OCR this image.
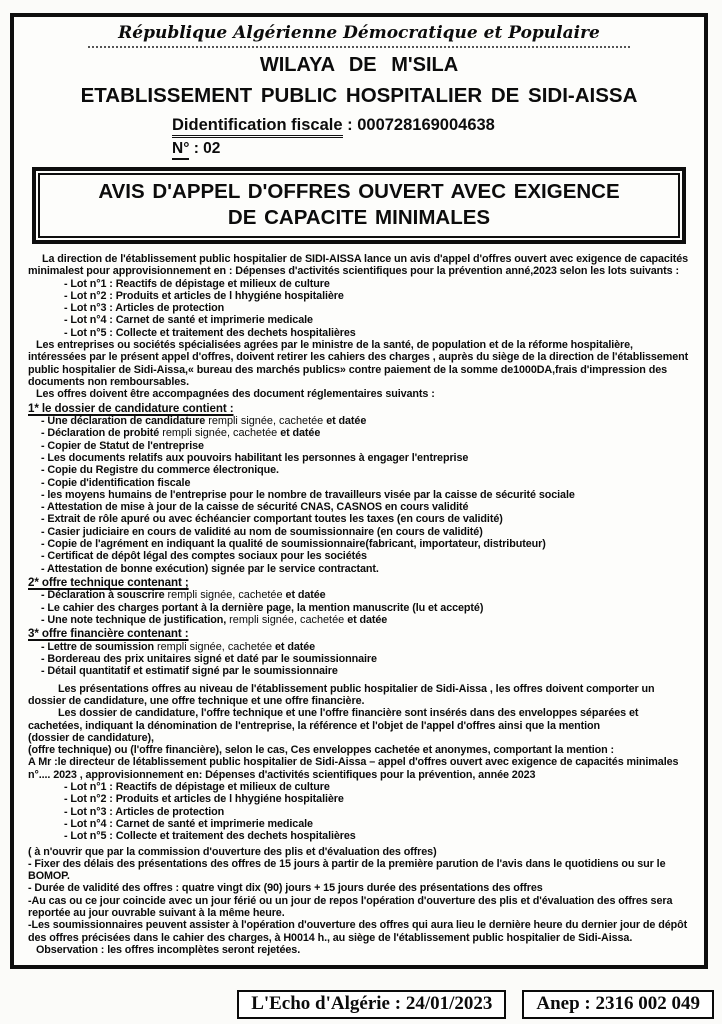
République Algérienne Démocratique et Populaire
WILAYA DE M'SILA
ETABLISSEMENT PUBLIC HOSPITALIER DE SIDI-AISSA
Didentification fiscale : 000728169004638
N° : 02
AVIS D'APPEL D'OFFRES OUVERT AVEC EXIGENCE
DE CAPACITE MINIMALES

La direction de l'établissement public hospitalier de SIDI-AISSA lance un avis d'appel d'offres ouvert avec exigence de capacités minimalest pour approvisionnement en : Dépenses d'activités scientifiques pour la prévention anné,2023 selon les lots suivants :

- Lot n°1 : Reactifs de dépistage et milieux de culture
- Lot n°2 : Produits et articles de l hhygiéne hospitalière
- Lot n°3 : Articles de protection
- Lot n°4 : Carnet de santé et imprimerie medicale
- Lot n°5 : Collecte et traitement des dechets hospitalières

Les entreprises ou sociétés spécialisées agrées par le ministre de la santé, de population et de la réforme hospitalière, intéressées par le présent appel d'offres, doivent retirer les cahiers des charges , auprès du siège de la direction de l'établissement public hospitalier de Sidi-Aissa,« bureau des marchés publics» contre paiement de la somme de1000DA,frais d'impression des documents non remboursables.

Les offres doivent être accompagnées des document réglementaires suivants :

1* le dossier de candidature contient :
- Une déclaration de candidature rempli signée, cachetée et datée
- Déclaration de probité rempli signée, cachetée et datée
- Copier de Statut de l'entreprise
- Les documents relatifs aux pouvoirs habilitant les personnes à engager l'entreprise
- Copie du Registre du commerce électronique.
- Copie d'identification fiscale
- les moyens humains de l'entreprise pour le nombre de travailleurs visée par la caisse de sécurité sociale
- Attestation de mise à jour de la caisse de sécurité CNAS, CASNOS en cours validité
- Extrait de rôle apuré ou avec échéancier comportant toutes les taxes (en cours de validité)
- Casier judiciaire en cours de validité au nom de soumissionnaire (en cours de validité)
- Copie de l'agrément en indiquant la qualité de soumissionnaire(fabricant, importateur, distributeur)
- Certificat de dépôt légal des comptes sociaux pour les sociétés
- Attestation de bonne exécution) signée par le service contractant.
2* offre technique contenant ;
- Déclaration à souscrire rempli signée, cachetée et datée
- Le cahier des charges portant à la dernière page, la mention manuscrite (lu et accepté)
- Une note technique de justification, rempli signée, cachetée et datée
3* offre financière contenant :
- Lettre de soumission rempli signée, cachetée et datée
- Bordereau des prix unitaires signé et daté par le soumissionnaire
- Détail quantitatif et estimatif signé par le soumissionnaire

Les présentations offres au niveau de l'établissement public hospitalier de Sidi-Aissa , les offres doivent comporter un dossier de candidature, une offre technique et une offre financière.

Les dossier de candidature, l'offre technique et une l'offre financière sont insérés dans des enveloppes séparées et cachetées, indiquant la dénomination de l'entreprise, la référence et l'objet de l'appel d'offres ainsi que la mention

(dossier de candidature),

(offre technique) ou (l'offre financière), selon le cas, Ces enveloppes cachetée et anonymes, comportant la mention :

A Mr :le directeur de létablissement public hospitalier de Sidi-Aissa – appel d'offres ouvert avec exigence de capacités minimales n°.... 2023 , approvisionnement en: Dépenses d'activités scientifiques pour la prévention, année 2023

- Lot n°1 : Reactifs de dépistage et milieux de culture
- Lot n°2 : Produits et articles de l hhygiéne hospitalière
- Lot n°3 : Articles de protection
- Lot n°4 : Carnet de santé et imprimerie medicale
- Lot n°5 : Collecte et traitement des dechets hospitalières

( à n'ouvrir que par la commission d'ouverture des plis et d'évaluation des offres)

- Fixer des délais des présentations des offres de 15 jours à partir de la première parution de l'avis dans le quotidiens ou sur le BOMOP.

- Durée de validité des offres : quatre vingt dix (90) jours + 15 jours durée des présentations des offres

-Au cas ou ce jour coincide avec un jour férié ou un jour de repos l'opération d'ouverture des plis et d'évaluation des offres sera reportée au jour ouvrable suivant à la même heure.

-Les soumissionnaires peuvent assister à l'opération d'ouverture des offres qui aura lieu le dernière heure du dernier jour de dépôt des offres précisées dans le cahier des charges, à H0014 h., au siège de l'établissement public hospitalier de Sidi-Aissa.

Observation : les offres incomplètes seront rejetées.

L'Echo d'Algérie : 24/01/2023	Anep : 2316 002 049
